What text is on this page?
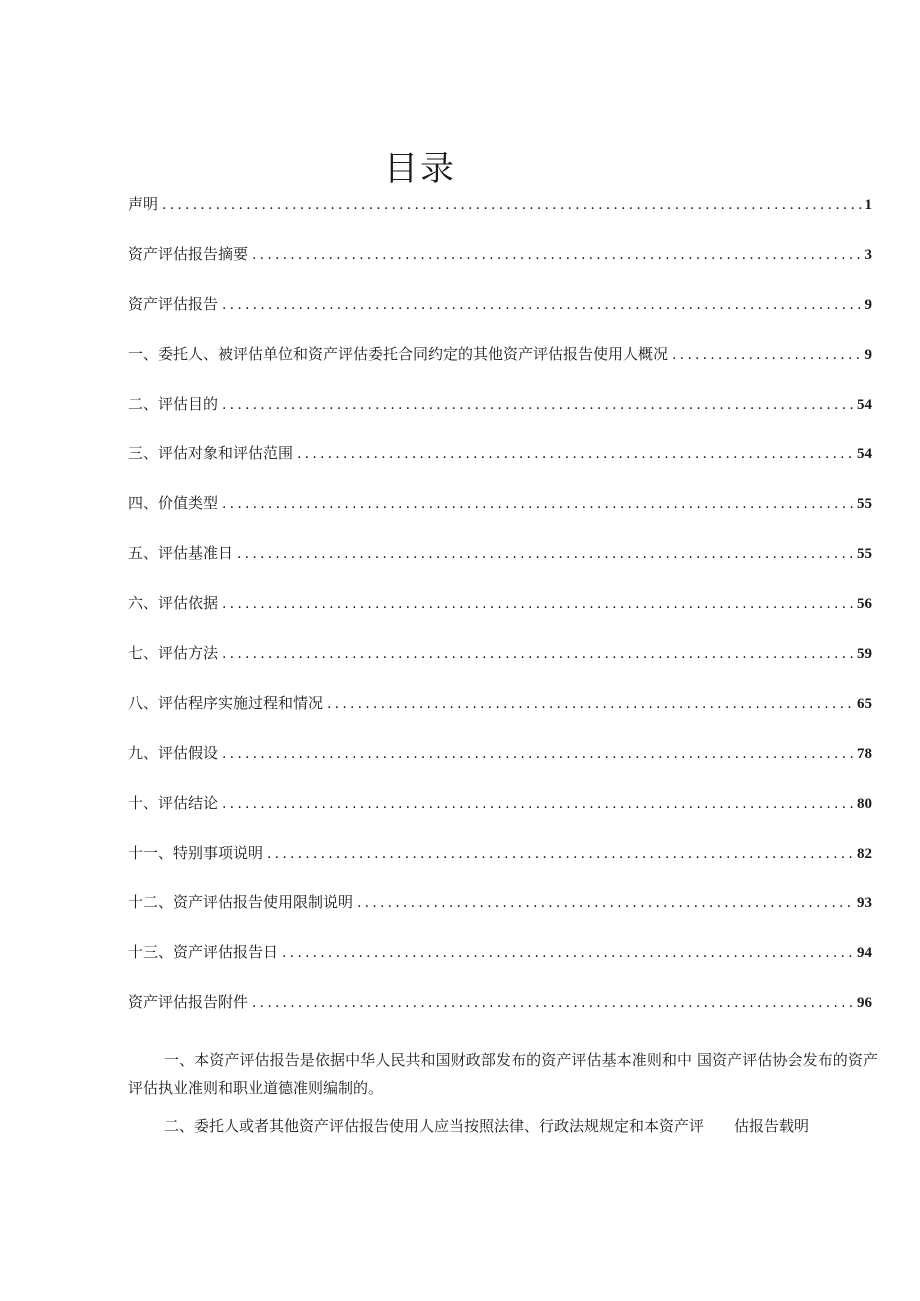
目录
声明 .....	1
资产评估报告摘要 .....	3
资产评估报告 .....	9
一、委托人、被评估单位和资产评估委托合同约定的其他资产评估报告使用人概况 .....	9
二、评估目的 .....	54
三、评估对象和评估范围 .....	54
四、价值类型 .....	55
五、评估基准日 .....	55
六、评估依据 .....	56
七、评估方法 .....	59
八、评估程序实施过程和情况 .....	65
九、评估假设 .....	78
十、评估结论 .....	80
十一、特别事项说明 .....	82
十二、资产评估报告使用限制说明 .....	93
十三、资产评估报告日 .....	94
资产评估报告附件 .....	96

一、本资产评估报告是依据中华人民共和国财政部发布的资产评估基本准则和中 国资产评估协会发布的资产评估执业准则和职业道德准则编制的。

二、委托人或者其他资产评估报告使用人应当按照法律、行政法规规定和本资产评　　估报告载明
